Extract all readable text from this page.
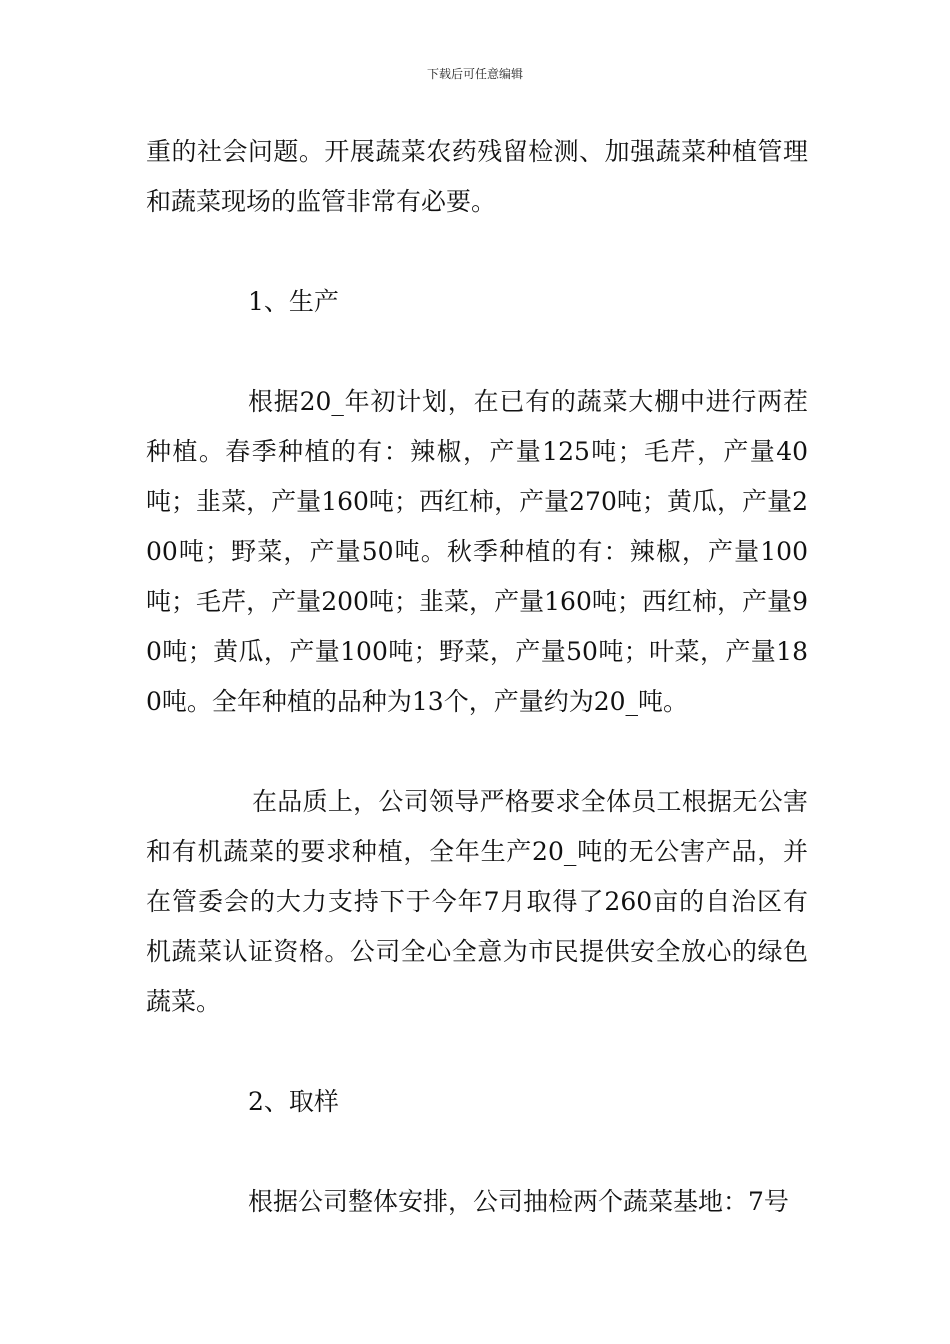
下载后可任意编辑

重的社会问题。开展蔬菜农药残留检测、加强蔬菜种植管理和蔬菜现场的监管非常有必要。

1、生产

根据20_年初计划，在已有的蔬菜大棚中进行两茬种植。春季种植的有：辣椒，产量125吨；毛芹，产量40吨；韭菜，产量160吨；西红柿，产量270吨；黄瓜，产量200吨；野菜，产量50吨。秋季种植的有：辣椒，产量100吨；毛芹，产量200吨；韭菜，产量160吨；西红柿，产量90吨；黄瓜，产量100吨；野菜，产量50吨；叶菜，产量180吨。全年种植的品种为13个，产量约为20_吨。

在品质上，公司领导严格要求全体员工根据无公害和有机蔬菜的要求种植，全年生产20_吨的无公害产品，并在管委会的大力支持下于今年7月取得了260亩的自治区有机蔬菜认证资格。公司全心全意为市民提供安全放心的绿色蔬菜。

2、取样

根据公司整体安排，公司抽检两个蔬菜基地：7号
